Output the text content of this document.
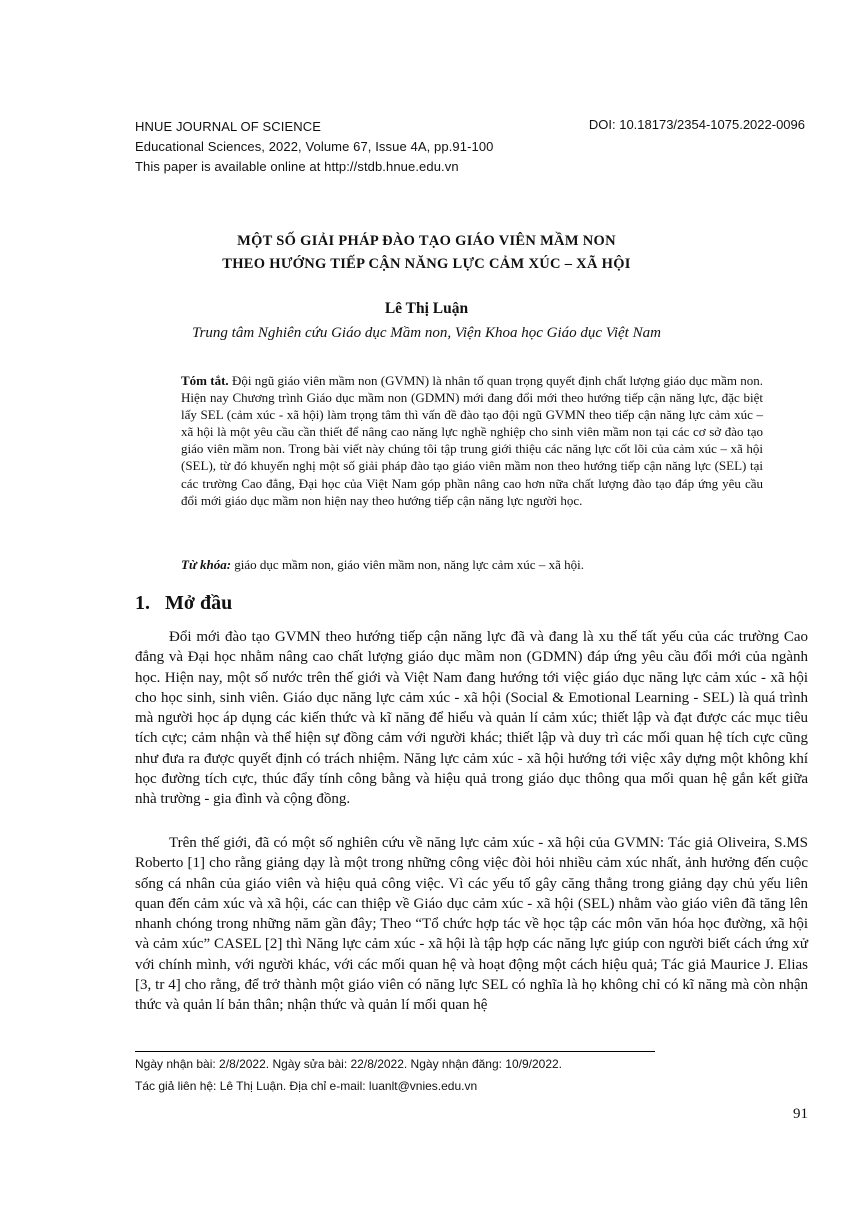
HNUE JOURNAL OF SCIENCE
Educational Sciences, 2022, Volume 67, Issue 4A, pp.91-100
This paper is available online at http://stdb.hnue.edu.vn
DOI: 10.18173/2354-1075.2022-0096
MỘT SỐ GIẢI PHÁP ĐÀO TẠO GIÁO VIÊN MẦM NON
THEO HƯỚNG TIẾP CẬN NĂNG LỰC CẢM XÚC – XÃ HỘI
Lê Thị Luận
Trung tâm Nghiên cứu Giáo dục Mầm non, Viện Khoa học Giáo dục Việt Nam
Tóm tắt. Đội ngũ giáo viên mầm non (GVMN) là nhân tố quan trọng quyết định chất lượng giáo dục mầm non. Hiện nay Chương trình Giáo dục mầm non (GDMN) mới đang đổi mới theo hướng tiếp cận năng lực, đặc biệt lấy SEL (cảm xúc - xã hội) làm trọng tâm thì vấn đề đào tạo đội ngũ GVMN theo tiếp cận năng lực cảm xúc – xã hội là một yêu cầu cần thiết để nâng cao năng lực nghề nghiệp cho sinh viên mầm non tại các cơ sở đào tạo giáo viên mầm non. Trong bài viết này chúng tôi tập trung giới thiệu các năng lực cốt lõi của cảm xúc – xã hội (SEL), từ đó khuyến nghị một số giải pháp đào tạo giáo viên mầm non theo hướng tiếp cận năng lực (SEL) tại các trường Cao đẳng, Đại học của Việt Nam góp phần nâng cao hơn nữa chất lượng đào tạo đáp ứng yêu cầu đổi mới giáo dục mầm non hiện nay theo hướng tiếp cận năng lực người học.
Từ khóa: giáo dục mầm non, giáo viên mầm non, năng lực cảm xúc – xã hội.
1.   Mở đầu

Đổi mới đào tạo GVMN theo hướng tiếp cận năng lực đã và đang là xu thế tất yếu của các trường Cao đẳng và Đại học nhằm nâng cao chất lượng giáo dục mầm non (GDMN) đáp ứng yêu cầu đổi mới của ngành học. Hiện nay, một số nước trên thế giới và Việt Nam đang hướng tới việc giáo dục năng lực cảm xúc - xã hội cho học sinh, sinh viên. Giáo dục năng lực cảm xúc - xã hội (Social & Emotional Learning - SEL) là quá trình mà người học áp dụng các kiến thức và kĩ năng để hiểu và quản lí cảm xúc; thiết lập và đạt được các mục tiêu tích cực; cảm nhận và thể hiện sự đồng cảm với người khác; thiết lập và duy trì các mối quan hệ tích cực cũng như đưa ra được quyết định có trách nhiệm. Năng lực cảm xúc - xã hội hướng tới việc xây dựng một không khí học đường tích cực, thúc đẩy tính công bằng và hiệu quả trong giáo dục thông qua mối quan hệ gắn kết giữa nhà trường - gia đình và cộng đồng.

Trên thế giới, đã có một số nghiên cứu về năng lực cảm xúc - xã hội của GVMN: Tác giả Oliveira, S.MS Roberto [1] cho rằng giảng dạy là một trong những công việc đòi hỏi nhiều cảm xúc nhất, ảnh hưởng đến cuộc sống cá nhân của giáo viên và hiệu quả công việc. Vì các yếu tố gây căng thẳng trong giảng dạy chủ yếu liên quan đến cảm xúc và xã hội, các can thiệp về Giáo dục cảm xúc - xã hội (SEL) nhằm vào giáo viên đã tăng lên nhanh chóng trong những năm gần đây; Theo “Tổ chức hợp tác về học tập các môn văn hóa học đường, xã hội và cảm xúc” CASEL [2] thì Năng lực cảm xúc - xã hội là tập hợp các năng lực giúp con người biết cách ứng xử với chính mình, với người khác, với các mối quan hệ và hoạt động một cách hiệu quả; Tác giả Maurice J. Elias [3, tr 4] cho rằng, để trở thành một giáo viên có năng lực SEL có nghĩa là họ không chỉ có kĩ năng mà còn nhận thức và quản lí bản thân; nhận thức và quản lí mối quan hệ

Ngày nhận bài: 2/8/2022. Ngày sửa bài: 22/8/2022. Ngày nhận đăng: 10/9/2022.
Tác giả liên hệ: Lê Thị Luận. Địa chỉ e-mail: luanlt@vnies.edu.vn
91
